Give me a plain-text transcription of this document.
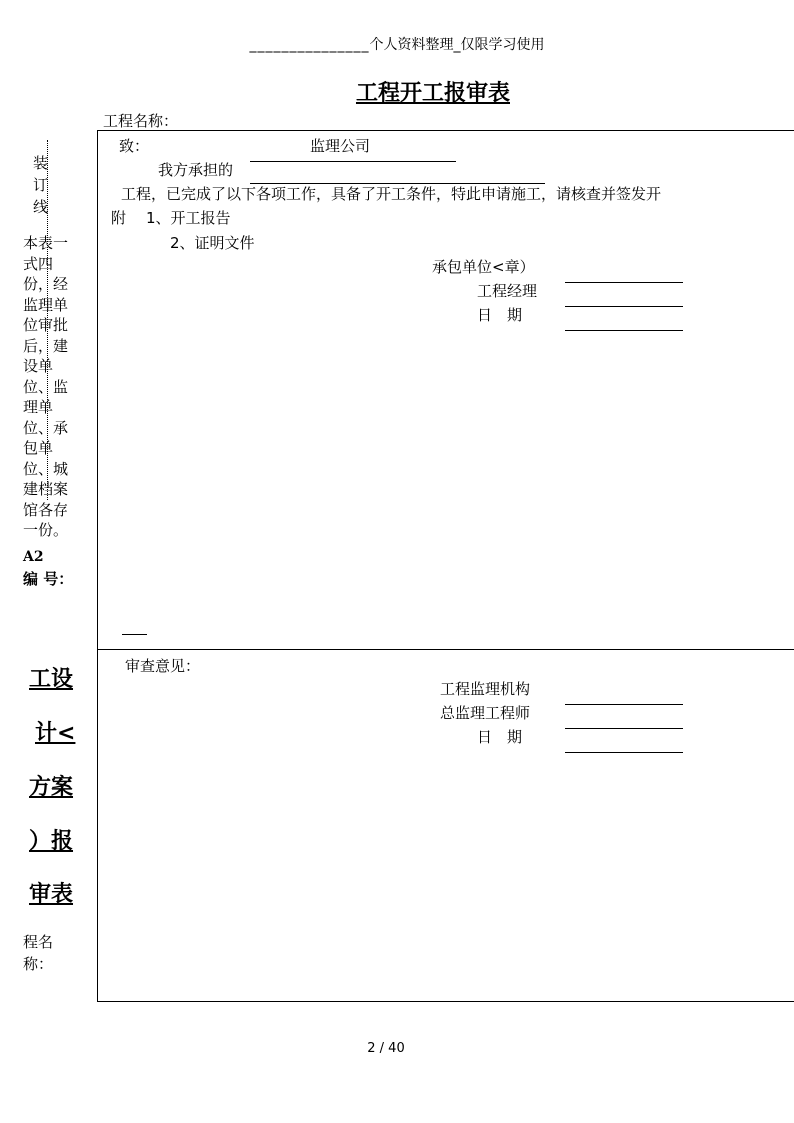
_______________个人资料整理_仅限学习使用
工程开工报审表
工程名称：
致：	监理公司
我方承担的
工程，已完成了以下各项工作，具备了开工条件，特此申请施工，请核查并签发开
附 1、开工报告
2、证明文件
承包单位<章）
工程经理
日　期
审查意见：
工程监理机构
总监理工程师
日　期
装
订
线
本表一式四份，经监理单位审批后，建设单位、监理单位、承包单位、城建档案馆各存一份。
A2
编 号：
工设
计<
方案
）报
审表
程名称：
2 / 40
